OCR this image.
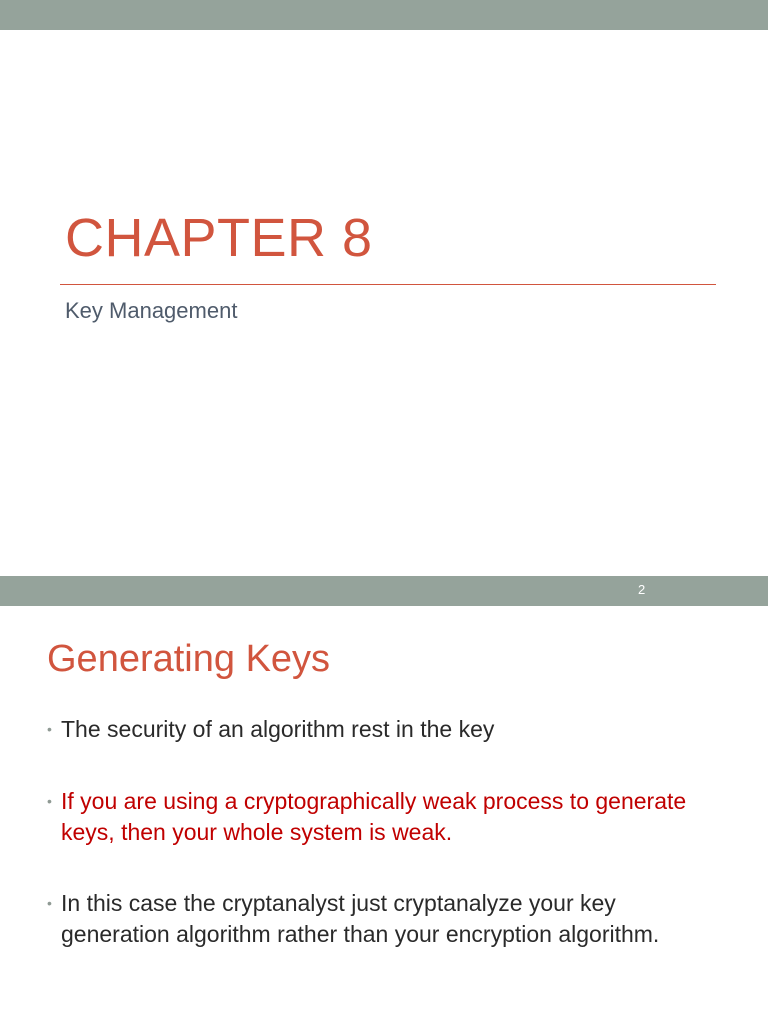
CHAPTER 8

Key Management

2
Generating Keys
• The security of an algorithm rest in the key
• If you are using a cryptographically weak process to generate keys, then your whole system is weak.
• In this case the cryptanalyst just cryptanalyze your key generation algorithm rather than your encryption algorithm.
